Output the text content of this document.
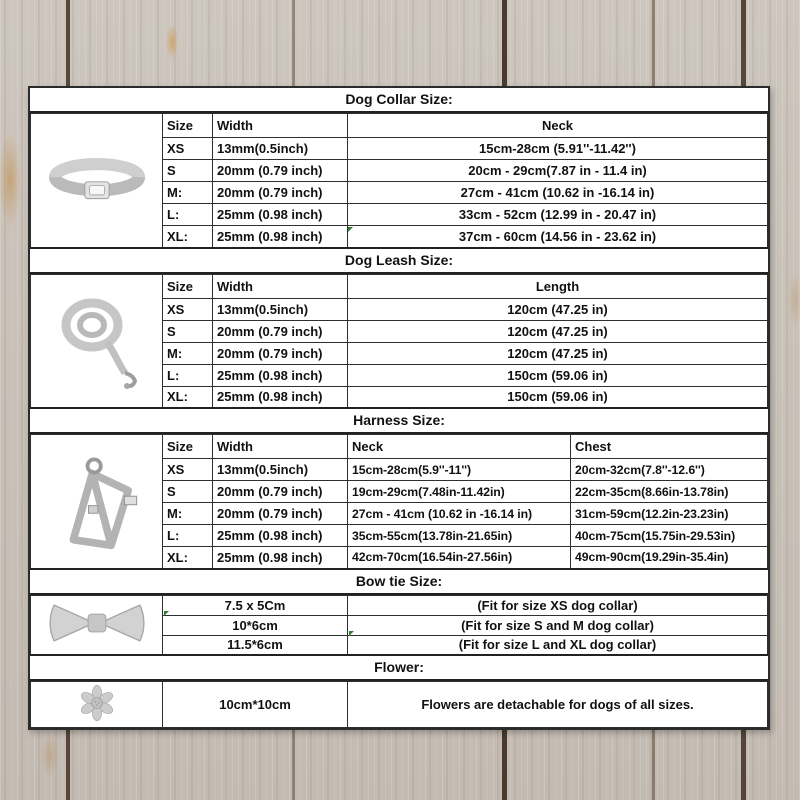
Dog Collar Size:
	Size	Width	Neck
	XS	13mm(0.5inch)	15cm-28cm (5.91''-11.42'')
	S	20mm (0.79 inch)	20cm - 29cm(7.87 in - 11.4 in)
	M:	20mm (0.79 inch)	27cm - 41cm (10.62 in -16.14 in)
	L:	25mm (0.98 inch)	33cm - 52cm (12.99 in - 20.47 in)
	XL:	25mm (0.98 inch)	37cm - 60cm (14.56 in - 23.62 in)
Dog Leash Size:
	Size	Width	Length
	XS	13mm(0.5inch)	120cm (47.25 in)
	S	20mm (0.79 inch)	120cm (47.25 in)
	M:	20mm (0.79 inch)	120cm (47.25 in)
	L:	25mm (0.98 inch)	150cm (59.06 in)
	XL:	25mm (0.98 inch)	150cm (59.06 in)
Harness Size:
	Size	Width	Neck	Chest
	XS	13mm(0.5inch)	15cm-28cm(5.9''-11'')	20cm-32cm(7.8''-12.6'')
	S	20mm (0.79 inch)	19cm-29cm(7.48in-11.42in)	22cm-35cm(8.66in-13.78in)
	M:	20mm (0.79 inch)	27cm - 41cm (10.62 in -16.14 in)	31cm-59cm(12.2in-23.23in)
	L:	25mm (0.98 inch)	35cm-55cm(13.78in-21.65in)	40cm-75cm(15.75in-29.53in)
	XL:	25mm (0.98 inch)	42cm-70cm(16.54in-27.56in)	49cm-90cm(19.29in-35.4in)
Bow tie Size:
	7.5 x 5Cm	(Fit for size XS dog collar)
	10*6cm	(Fit for size S and M dog collar)
	11.5*6cm	(Fit for size L and XL dog collar)
Flower:
	10cm*10cm	Flowers are detachable for dogs of all sizes.
